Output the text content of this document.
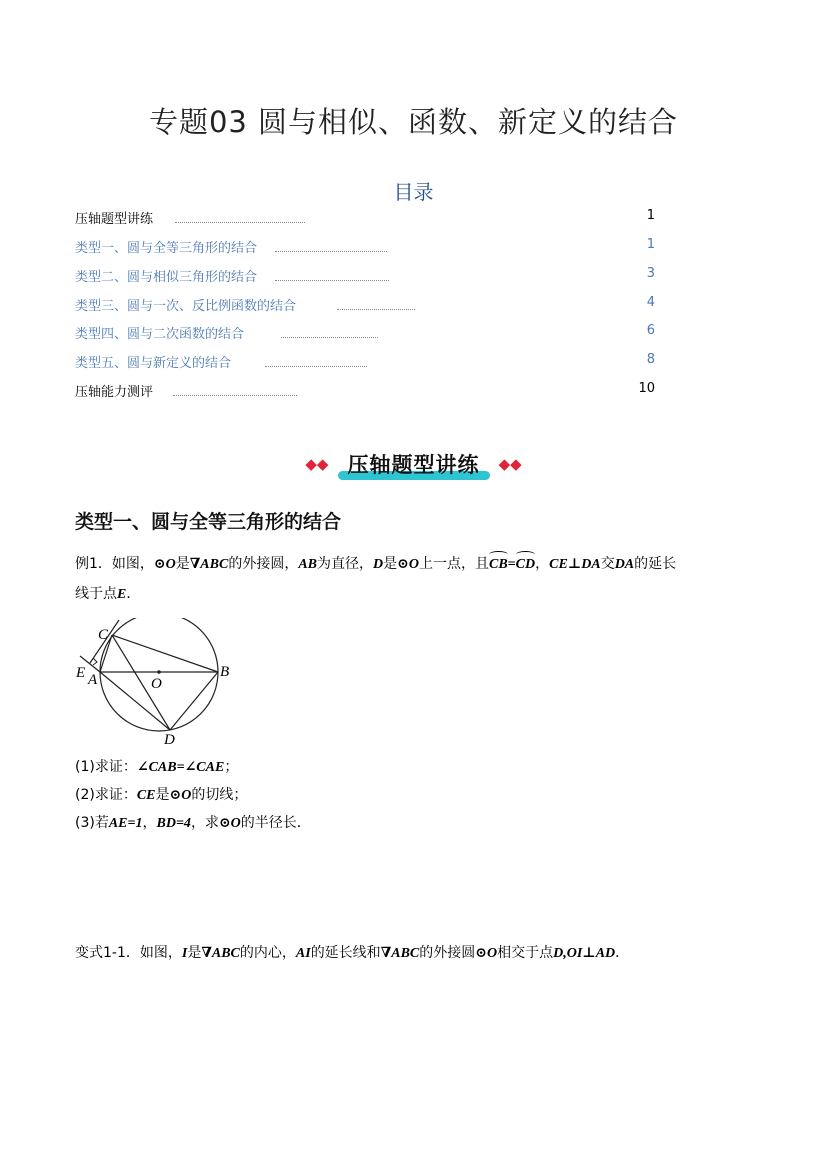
专题03 圆与相似、函数、新定义的结合
目录
压轴题型讲练	1
类型一、圆与全等三角形的结合	1
类型二、圆与相似三角形的结合	3
类型三、圆与一次、反比例函数的结合	4
类型四、圆与二次函数的结合	6
类型五、圆与新定义的结合	8
压轴能力测评	10
◆◆ 压轴题型讲练 ◆◆
类型一、圆与全等三角形的结合
例1．如图，⊙O是∇ABC的外接圆，AB为直径，D是⊙O上一点，且CB=CD，CE⊥DA交DA的延长
线于点E．
C
E A	O
B
D
(1)求证：∠CAB=∠CAE；
(2)求证：CE是⊙O的切线；
(3)若AE=1，BD=4，求⊙O的半径长．
变式1-1．如图，I是∇ABC的内心，AI的延长线和∇ABC的外接圆⊙O相交于点D,OI⊥AD．
